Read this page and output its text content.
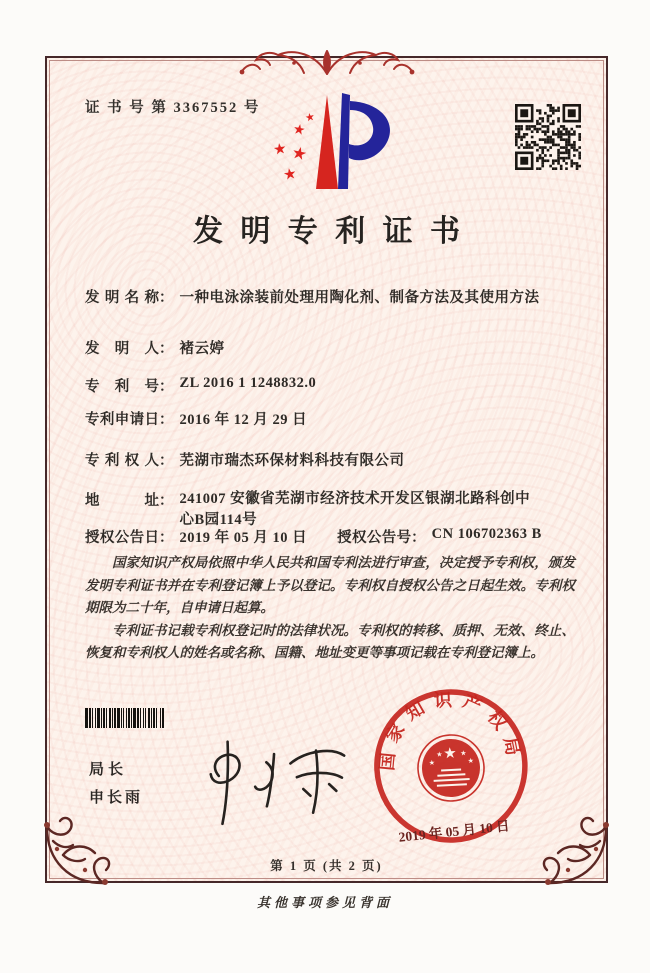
证 书 号 第 3367552 号
★
★
★ ★
★
发明专利证书
发明名称 ： 一种电泳涂装前处理用陶化剂、制备方法及其使用方法
发明人 ： 褚云婷
专利号 ： ZL 2016 1 1248832.0
专利申请日 ： 2016 年 12 月 29 日
专利权人 ： 芜湖市瑞杰环保材料科技有限公司
地址 ： 241007 安徽省芜湖市经济技术开发区银湖北路科创中心B园114号
授权公告日 ： 2019 年 05 月 10 日 授权公告号 ： CN 106702363 B

国家知识产权局依照中华人民共和国专利法进行审查，决定授予专利权，颁发发明专利证书并在专利登记簿上予以登记。专利权自授权公告之日起生效。专利权期限为二十年，自申请日起算。

专利证书记载专利权登记时的法律状况。专利权的转移、质押、无效、终止、恢复和专利权人的姓名或名称、国籍、地址变更等事项记载在专利登记簿上。

局长
申长雨
国家知识产权局
★
★
★ ★
★
2019 年 05 月 10 日
第 1 页 (共 2 页)
其他事项参见背面
